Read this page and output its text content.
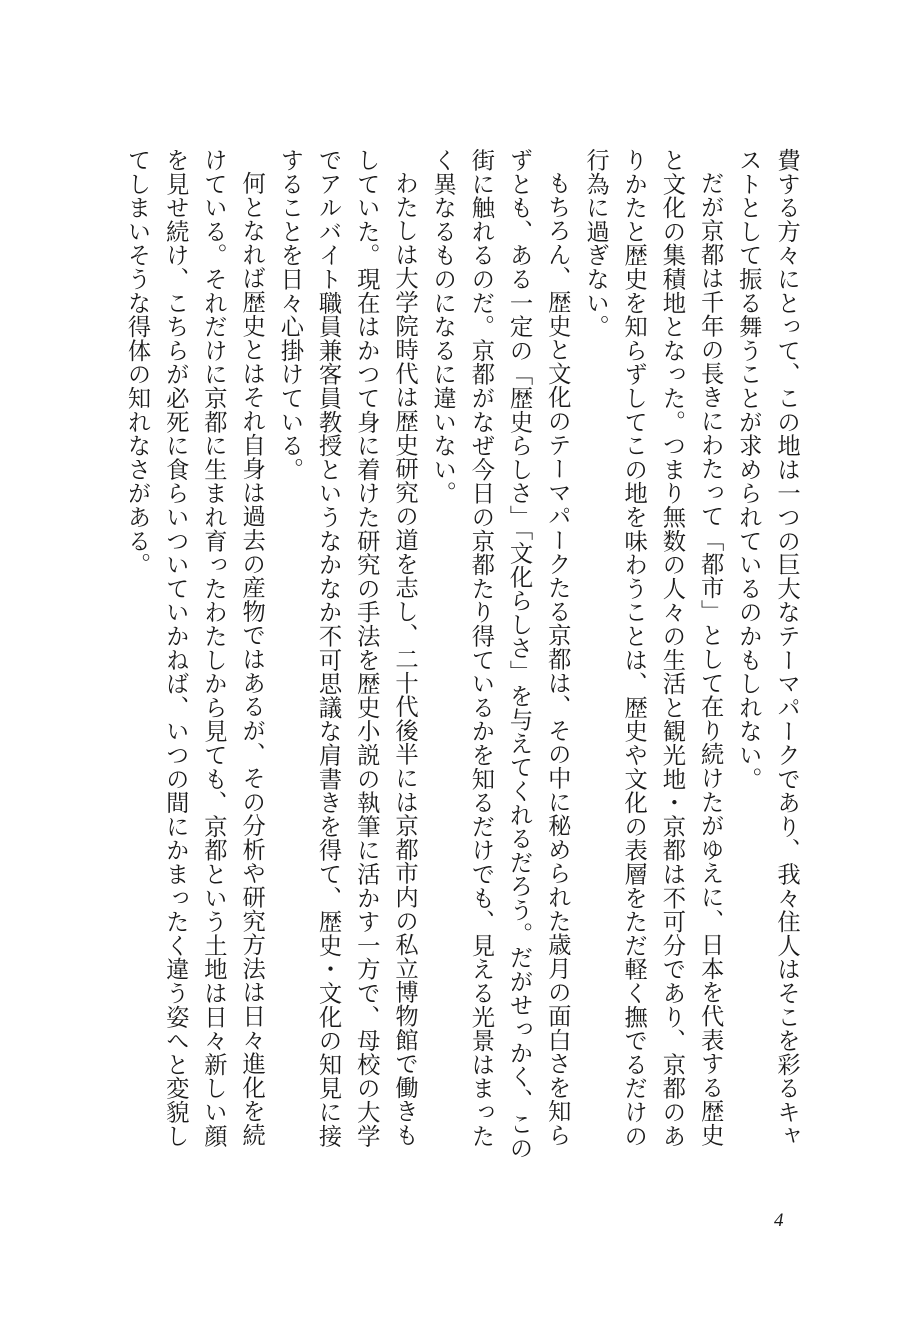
費する方々にとって、この地は一つの巨大なテーマパークであり、我々住人はそこを彩るキャストとして振る舞うことが求められているのかもしれない。

だが京都は千年の長きにわたって「都市」として在り続けたがゆえに、日本を代表する歴史と文化の集積地となった。つまり無数の人々の生活と観光地・京都は不可分であり、京都のありかたと歴史を知らずしてこの地を味わうことは、歴史や文化の表層をただ軽く撫でるだけの行為に過ぎない。

もちろん、歴史と文化のテーマパークたる京都は、その中に秘められた歳月の面白さを知らずとも、ある一定の「歴史らしさ」「文化らしさ」を与えてくれるだろう。だがせっかく、この街に触れるのだ。京都がなぜ今日の京都たり得ているかを知るだけでも、見える光景はまったく異なるものになるに違いない。

わたしは大学院時代は歴史研究の道を志し、二十代後半には京都市内の私立博物館で働きもしていた。現在はかつて身に着けた研究の手法を歴史小説の執筆に活かす一方で、母校の大学でアルバイト職員兼客員教授というなかなか不可思議な肩書きを得て、歴史・文化の知見に接することを日々心掛けている。

何となれば歴史とはそれ自身は過去の産物ではあるが、その分析や研究方法は日々進化を続けている。それだけに京都に生まれ育ったわたしから見ても、京都という土地は日々新しい顔を見せ続け、こちらが必死に食らいついていかねば、いつの間にかまったく違う姿へと変貌してしまいそうな得体の知れなさがある。

4
